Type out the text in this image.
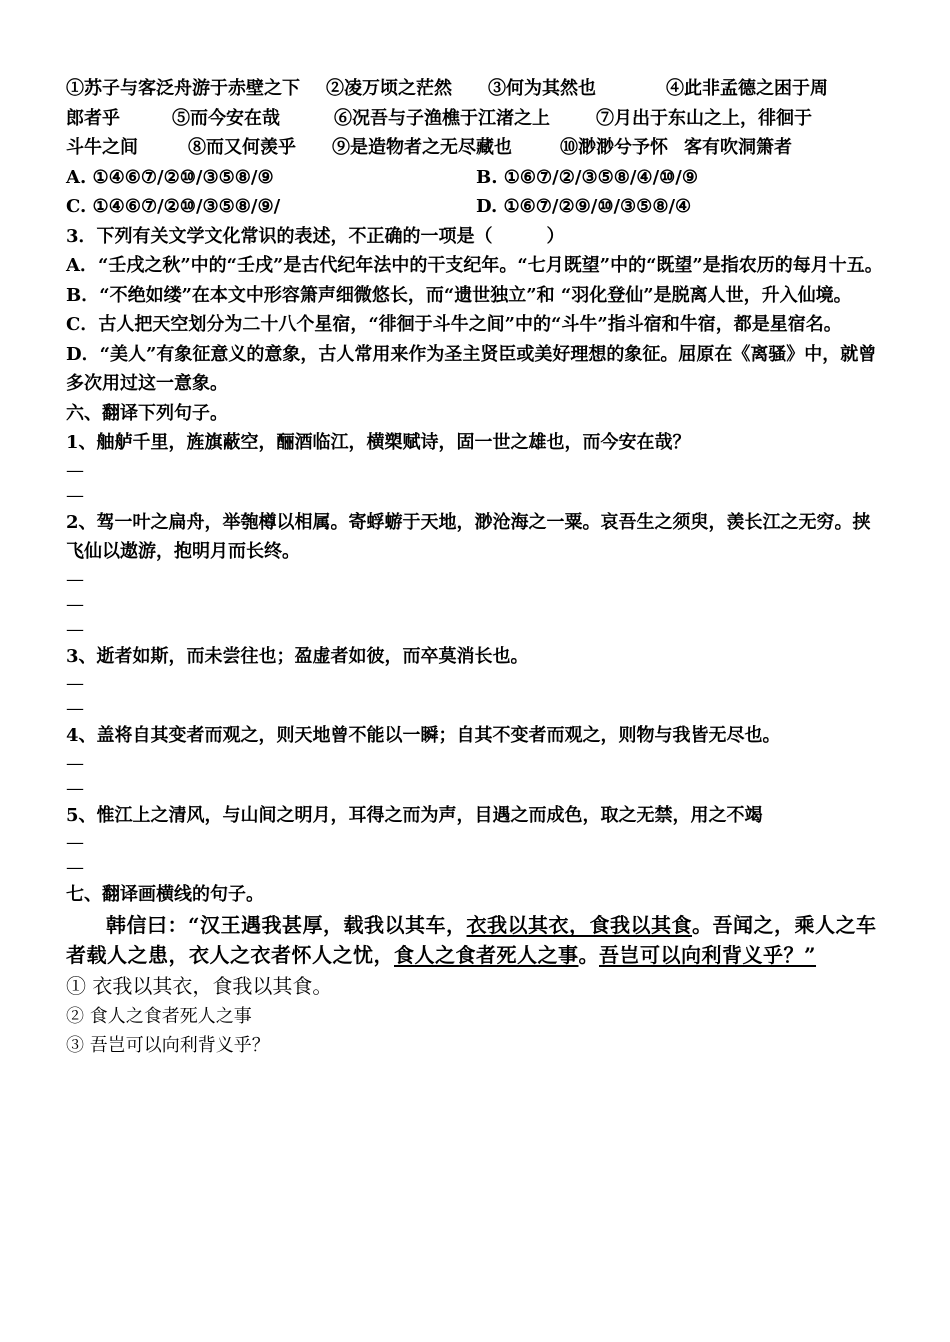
①苏子与客泛舟游于赤壁之下 ②凌万顷之茫然 ③何为其然也	④此非孟德之困于周
郎者乎	⑤而今安在哉	⑥况吾与子渔樵于江渚之上	⑦月出于东山之上，徘徊于
斗牛之间	⑧而又何羡乎 ⑨是造物者之无尽藏也	⑩渺渺兮予怀 客有吹洞箫者
A. ①④⑥⑦/②⑩/③⑤⑧/⑨	B. ①⑥⑦/②/③⑤⑧/④/⑩/⑨
C. ①④⑥⑦/②⑩/③⑤⑧/⑨/	D. ①⑥⑦/②⑨/⑩/③⑤⑧/④
3．下列有关文学文化常识的表述，不正确的一项是（　　　）
A．“壬戌之秋”中的“壬戌”是古代纪年法中的干支纪年。“七月既望”中的“既望”是指农历的每月十五。
B．“不绝如缕”在本文中形容箫声细微悠长，而“遗世独立”和 “羽化登仙”是脱离人世，升入仙境。
C．古人把天空划分为二十八个星宿，“徘徊于斗牛之间”中的“斗牛”指斗宿和牛宿，都是星宿名。
D．“美人”有象征意义的意象，古人常用来作为圣主贤臣或美好理想的象征。屈原在《离骚》中，就曾多次用过这一意象。
六、翻译下列句子。
1、舳舻千里，旌旗蔽空，酾酒临江，横槊赋诗，固一世之雄也，而今安在哉？
—
—
2、驾一叶之扁舟，举匏樽以相属。寄蜉蝣于天地，渺沧海之一粟。哀吾生之须臾，羡长江之无穷。挟飞仙以遨游，抱明月而长终。
—
—
—
3、逝者如斯，而未尝往也；盈虚者如彼，而卒莫消长也。
—
—
4、盖将自其变者而观之，则天地曾不能以一瞬；自其不变者而观之，则物与我皆无尽也。
—
—
5、惟江上之清风，与山间之明月，耳得之而为声，目遇之而成色，取之无禁，用之不竭
—
—
七、翻译画横线的句子。
韩信曰：“汉王遇我甚厚，载我以其车，衣我以其衣，食我以其食。吾闻之，乘人之车者载人之患，衣人之衣者怀人之忧，食人之食者死人之事。吾岂可以向利背义乎？”
① 衣我以其衣，食我以其食。
② 食人之食者死人之事
③ 吾岂可以向利背义乎？
